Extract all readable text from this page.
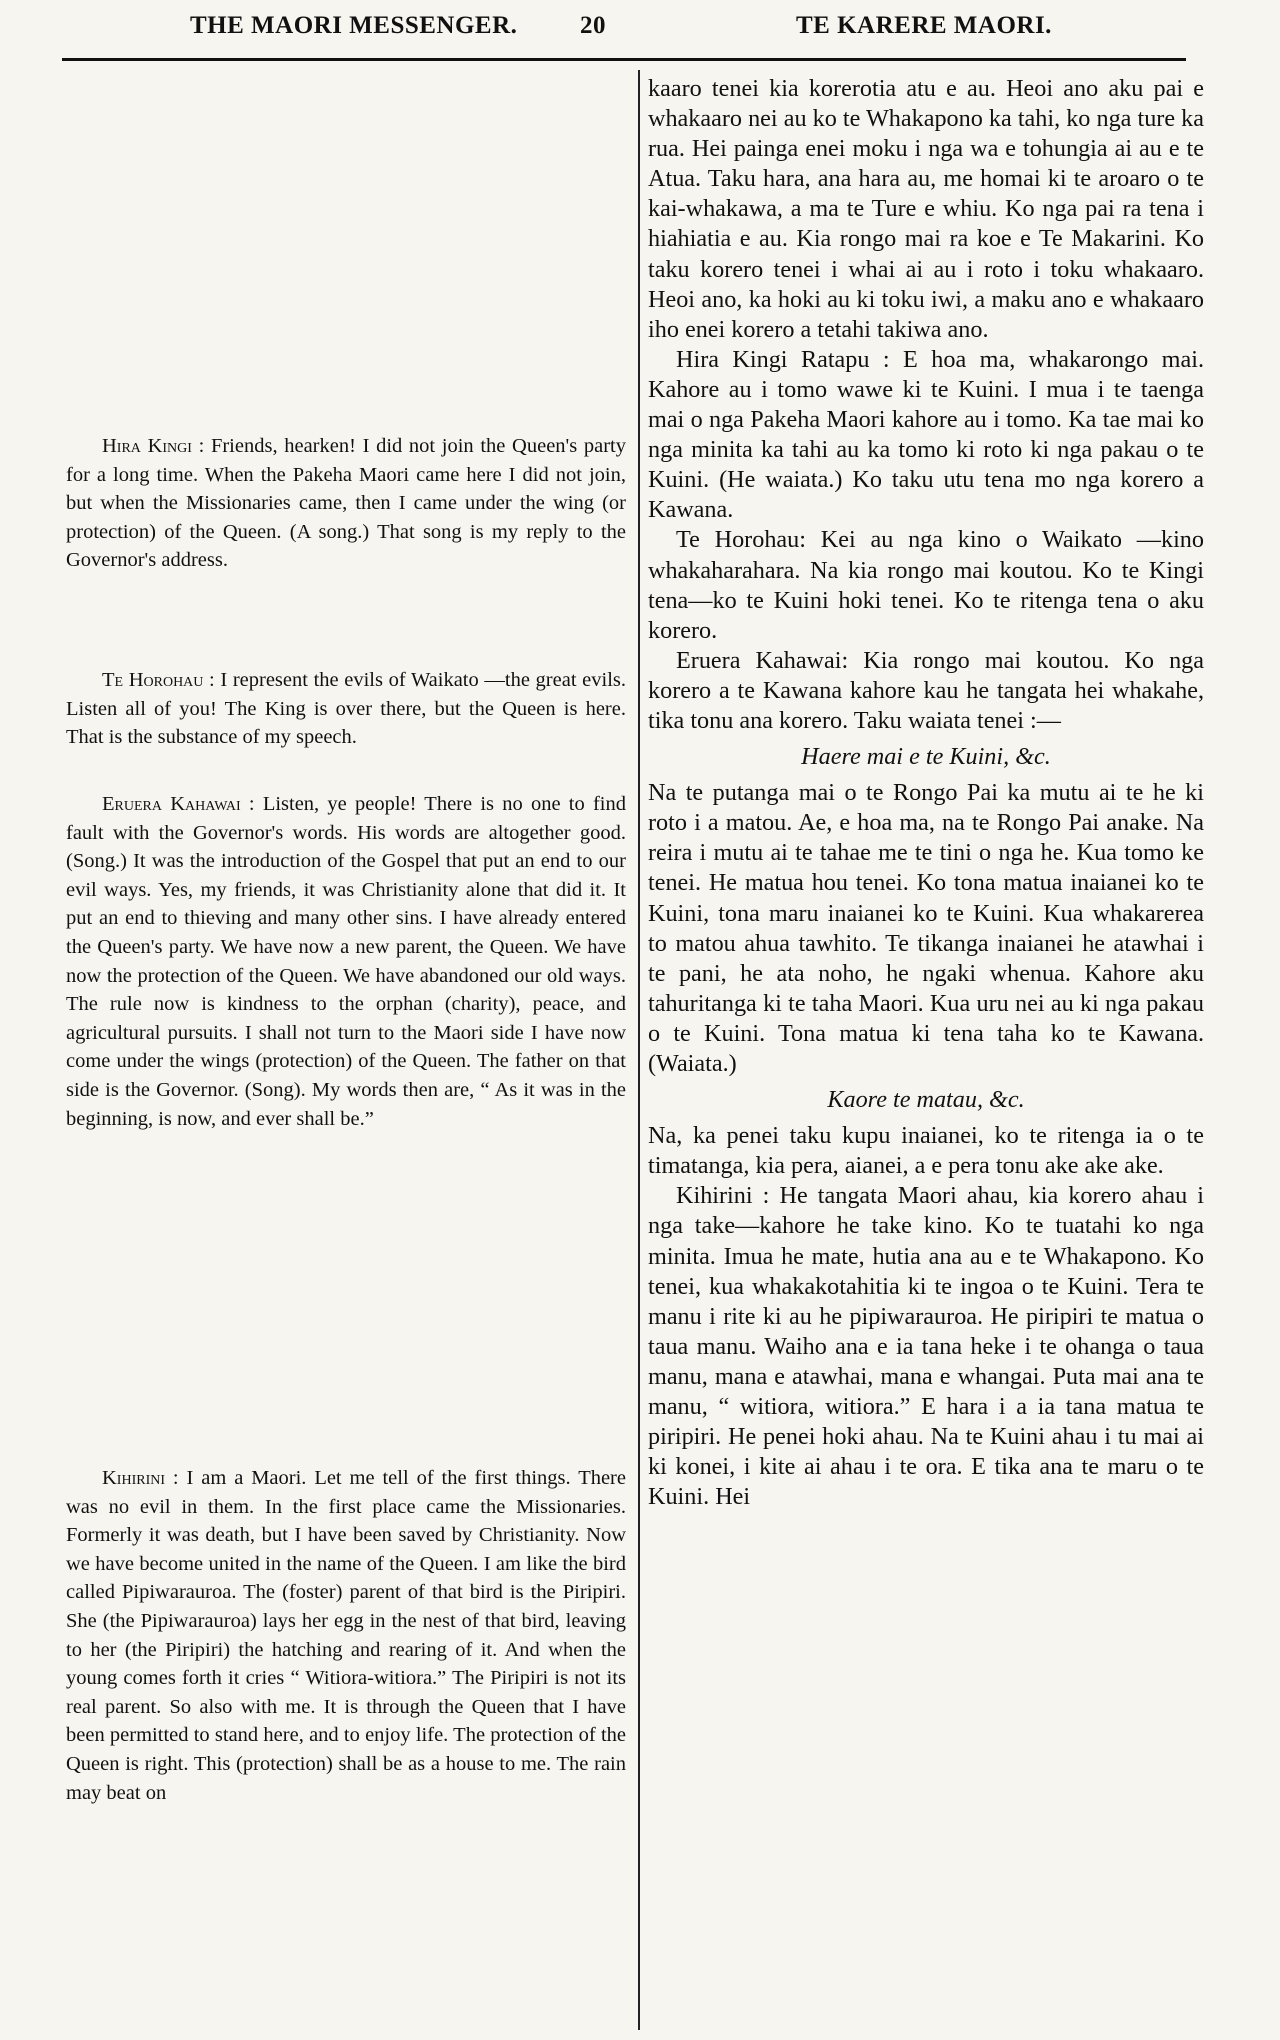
THE MAORI MESSENGER.	20	TE KARERE MAORI.
Hira Kingi : Friends, hearken! I did not join the Queen's party for a long time. When the Pakeha Maori came here I did not join, but when the Missionaries came, then I came under the wing (or protection) of the Queen. (A song.) That song is my reply to the Governor's address.
Te Horohau : I represent the evils of Waikato —the great evils. Listen all of you! The King is over there, but the Queen is here. That is the substance of my speech.
Eruera Kahawai : Listen, ye people! There is no one to find fault with the Governor's words. His words are altogether good. (Song.) It was the introduction of the Gospel that put an end to our evil ways. Yes, my friends, it was Christianity alone that did it. It put an end to thieving and many other sins. I have already entered the Queen's party. We have now a new parent, the Queen. We have now the protection of the Queen. We have abandoned our old ways. The rule now is kindness to the orphan (charity), peace, and agricultural pursuits. I shall not turn to the Maori side I have now come under the wings (protection) of the Queen. The father on that side is the Governor. (Song). My words then are, “ As it was in the beginning, is now, and ever shall be.”
Kihirini : I am a Maori. Let me tell of the first things. There was no evil in them. In the first place came the Missionaries. Formerly it was death, but I have been saved by Christianity. Now we have become united in the name of the Queen. I am like the bird called Pipiwarauroa. The (foster) parent of that bird is the Piripiri. She (the Pipiwarauroa) lays her egg in the nest of that bird, leaving to her (the Piripiri) the hatching and rearing of it. And when the young comes forth it cries “ Witiora-witiora.” The Piripiri is not its real parent. So also with me. It is through the Queen that I have been permitted to stand here, and to enjoy life. The protection of the Queen is right. This (protection) shall be as a house to me. The rain may beat on

kaaro tenei kia korerotia atu e au. Heoi ano aku pai e whakaaro nei au ko te Whakapono ka tahi, ko nga ture ka rua. Hei painga enei moku i nga wa e tohungia ai au e te Atua. Taku hara, ana hara au, me homai ki te aroaro o te kai-whakawa, a ma te Ture e whiu. Ko nga pai ra tena i hiahiatia e au. Kia rongo mai ra koe e Te Makarini. Ko taku korero tenei i whai ai au i roto i toku whakaaro. Heoi ano, ka hoki au ki toku iwi, a maku ano e whakaaro iho enei korero a tetahi takiwa ano.

Hira Kingi Ratapu : E hoa ma, whakarongo mai. Kahore au i tomo wawe ki te Kuini. I mua i te taenga mai o nga Pakeha Maori kahore au i tomo. Ka tae mai ko nga minita ka tahi au ka tomo ki roto ki nga pakau o te Kuini. (He waiata.) Ko taku utu tena mo nga korero a Kawana.

Te Horohau: Kei au nga kino o Waikato —kino whakaharahara. Na kia rongo mai koutou. Ko te Kingi tena—ko te Kuini hoki tenei. Ko te ritenga tena o aku korero.

Eruera Kahawai: Kia rongo mai koutou. Ko nga korero a te Kawana kahore kau he tangata hei whakahe, tika tonu ana korero. Taku waiata tenei :—

Haere mai e te Kuini, &c.

Na te putanga mai o te Rongo Pai ka mutu ai te he ki roto i a matou. Ae, e hoa ma, na te Rongo Pai anake. Na reira i mutu ai te tahae me te tini o nga he. Kua tomo ke tenei. He matua hou tenei. Ko tona matua inaianei ko te Kuini, tona maru inaianei ko te Kuini. Kua whakarerea to matou ahua tawhito. Te tikanga inaianei he atawhai i te pani, he ata noho, he ngaki whenua. Kahore aku tahuritanga ki te taha Maori. Kua uru nei au ki nga pakau o te Kuini. Tona matua ki tena taha ko te Kawana. (Waiata.)

Kaore te matau, &c.

Na, ka penei taku kupu inaianei, ko te ritenga ia o te timatanga, kia pera, aianei, a e pera tonu ake ake ake.

Kihirini : He tangata Maori ahau, kia korero ahau i nga take—kahore he take kino. Ko te tuatahi ko nga minita. Imua he mate, hutia ana au e te Whakapono. Ko tenei, kua whakakotahitia ki te ingoa o te Kuini. Tera te manu i rite ki au he pipiwarauroa. He piripiri te matua o taua manu. Waiho ana e ia tana heke i te ohanga o taua manu, mana e atawhai, mana e whangai. Puta mai ana te manu, “ witiora, witiora.” E hara i a ia tana matua te piripiri. He penei hoki ahau. Na te Kuini ahau i tu mai ai ki konei, i kite ai ahau i te ora. E tika ana te maru o te Kuini. Hei
